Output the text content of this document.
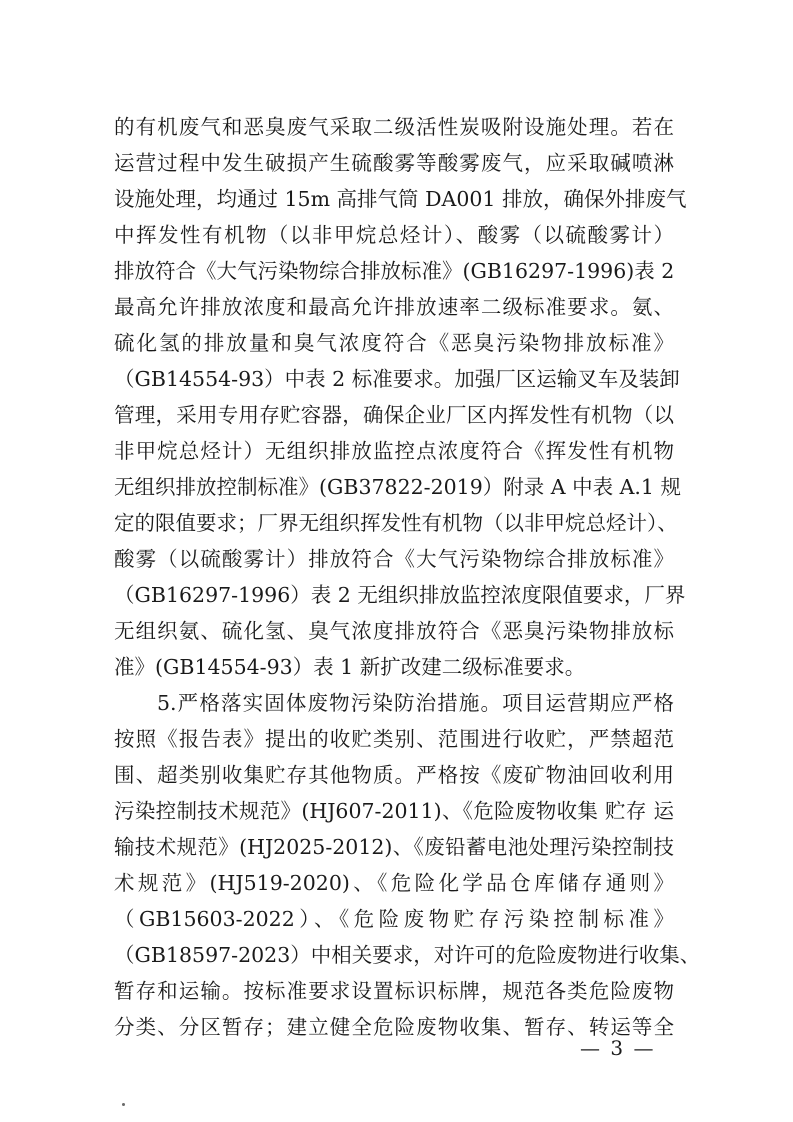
的有机废气和恶臭废气采取二级活性炭吸附设施处理。若在
运营过程中发生破损产生硫酸雾等酸雾废气，应采取碱喷淋
设施处理，均通过 15m 高排气筒 DA001 排放，确保外排废气
中挥发性有机物（以非甲烷总烃计）、酸雾（以硫酸雾计）
排放符合《大气污染物综合排放标准》(GB16297-1996)表 2
最高允许排放浓度和最高允许排放速率二级标准要求。氨、
硫化氢的排放量和臭气浓度符合《恶臭污染物排放标准》
（GB14554-93）中表 2 标准要求。加强厂区运输叉车及装卸
管理，采用专用存贮容器，确保企业厂区内挥发性有机物（以
非甲烷总烃计）无组织排放监控点浓度符合《挥发性有机物
无组织排放控制标准》(GB37822-2019）附录 A 中表 A.1 规
定的限值要求；厂界无组织挥发性有机物（以非甲烷总烃计）、
酸雾（以硫酸雾计）排放符合《大气污染物综合排放标准》
（GB16297-1996）表 2 无组织排放监控浓度限值要求，厂界
无组织氨、硫化氢、臭气浓度排放符合《恶臭污染物排放标
准》(GB14554-93）表 1 新扩改建二级标准要求。
5.严格落实固体废物污染防治措施。项目运营期应严格
按照《报告表》提出的收贮类别、范围进行收贮，严禁超范
围、超类别收集贮存其他物质。严格按《废矿物油回收利用
污染控制技术规范》(HJ607-2011)、《危险废物收集 贮存 运
输技术规范》(HJ2025-2012)、《废铅蓄电池处理污染控制技
术规范》(HJ519-2020)、《危险化学品仓库储存通则》
（GB15603-2022）、《危险废物贮存污染控制标准》
（GB18597-2023）中相关要求，对许可的危险废物进行收集、
暂存和运输。按标准要求设置标识标牌，规范各类危险废物
分类、分区暂存；建立健全危险废物收集、暂存、转运等全
— 3 —
